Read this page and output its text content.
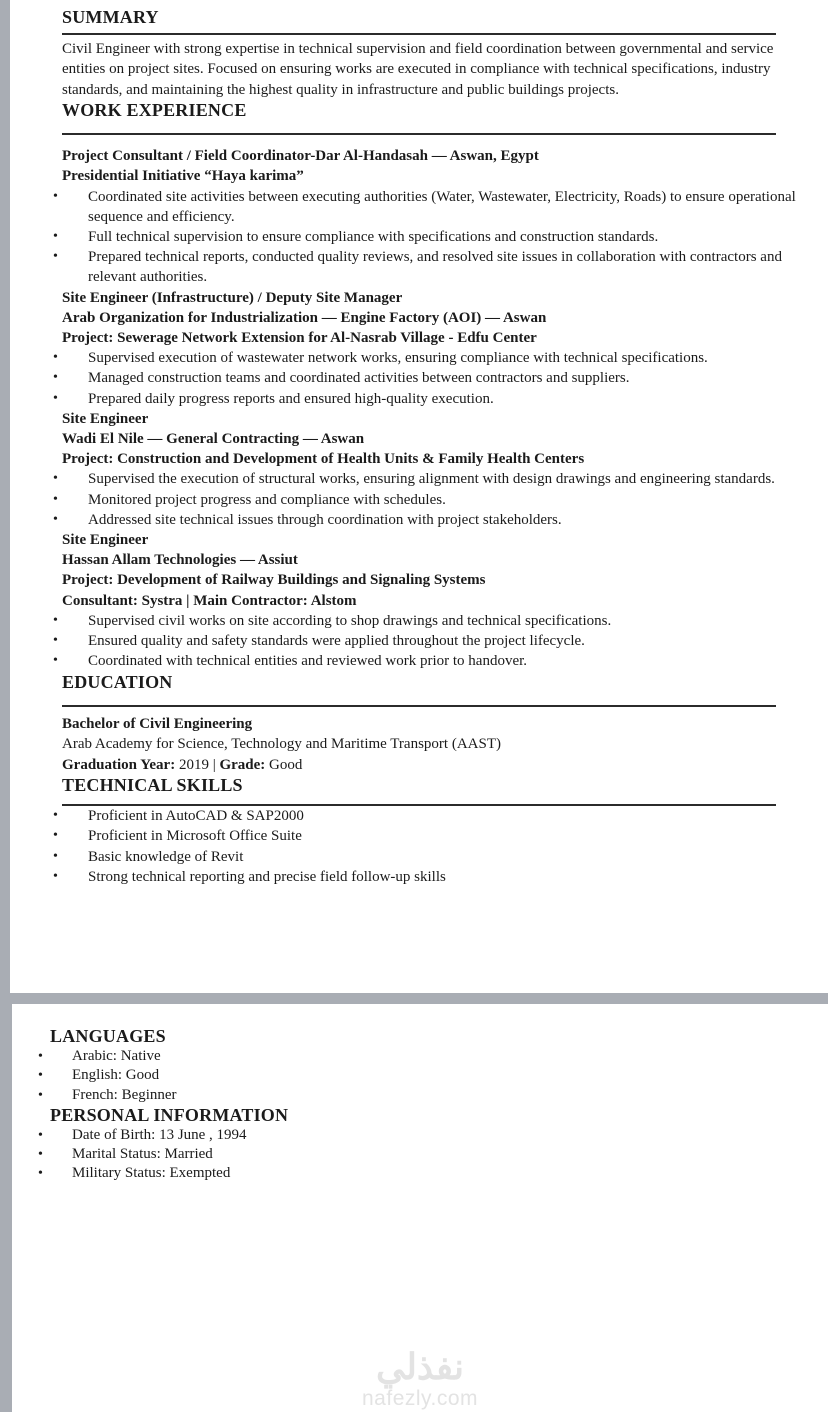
SUMMARY

Civil Engineer with strong expertise in technical supervision and field coordination between governmental and service entities on project sites. Focused on ensuring works are executed in compliance with technical specifications, industry standards, and maintaining the highest quality in infrastructure and public buildings projects.

WORK EXPERIENCE

Project Consultant / Field Coordinator-Dar Al-Handasah — Aswan, Egypt

Presidential Initiative “Haya karima”

• Coordinated site activities between executing authorities (Water, Wastewater, Electricity, Roads) to ensure operational sequence and efficiency.
• Full technical supervision to ensure compliance with specifications and construction standards.
• Prepared technical reports, conducted quality reviews, and resolved site issues in collaboration with contractors and relevant authorities.

Site Engineer (Infrastructure) / Deputy Site Manager

Arab Organization for Industrialization — Engine Factory (AOI) — Aswan

Project: Sewerage Network Extension for Al-Nasrab Village - Edfu Center

• Supervised execution of wastewater network works, ensuring compliance with technical specifications.
• Managed construction teams and coordinated activities between contractors and suppliers.
• Prepared daily progress reports and ensured high-quality execution.

Site Engineer

Wadi El Nile — General Contracting — Aswan

Project: Construction and Development of Health Units & Family Health Centers

• Supervised the execution of structural works, ensuring alignment with design drawings and engineering standards.
• Monitored project progress and compliance with schedules.
• Addressed site technical issues through coordination with project stakeholders.

Site Engineer

Hassan Allam Technologies — Assiut

Project: Development of Railway Buildings and Signaling Systems

Consultant: Systra | Main Contractor: Alstom

• Supervised civil works on site according to shop drawings and technical specifications.
• Ensured quality and safety standards were applied throughout the project lifecycle.
• Coordinated with technical entities and reviewed work prior to handover.
EDUCATION

Bachelor of Civil Engineering

Arab Academy for Science, Technology and Maritime Transport (AAST)

Graduation Year: 2019 | Grade: Good

TECHNICAL SKILLS
• Proficient in AutoCAD & SAP2000
• Proficient in Microsoft Office Suite
• Basic knowledge of Revit
• Strong technical reporting and precise field follow-up skills
LANGUAGES
• Arabic: Native
• English: Good
• French: Beginner
PERSONAL INFORMATION
• Date of Birth: 13 June , 1994
• Marital Status: Married
• Military Status: Exempted
نفذلي
nafezly.com
